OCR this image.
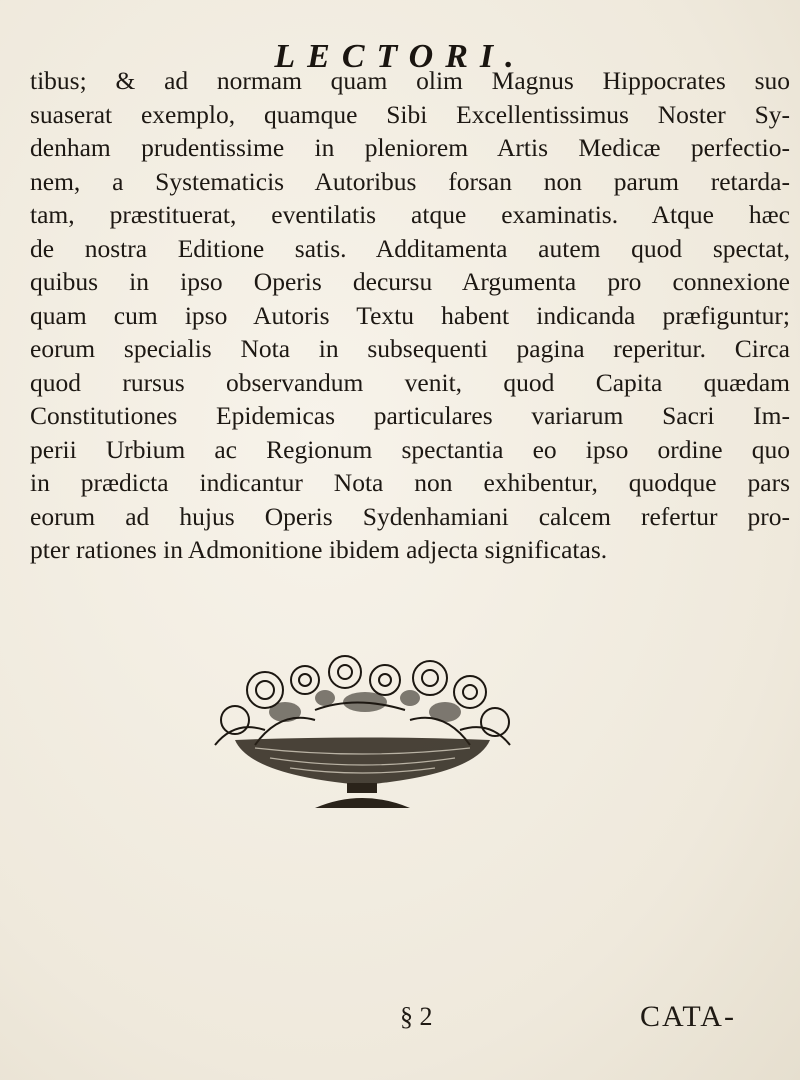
LECTORI.
tibus; & ad normam quam olim Magnus Hippocrates suo
suaserat exemplo, quamque Sibi Excellentissimus Noster Sy-
denham prudentissime in pleniorem Artis Medicæ perfectio-
nem, a Systematicis Autoribus forsan non parum retarda-
tam, præstituerat, eventilatis atque examinatis. Atque hæc
de nostra Editione satis. Additamenta autem quod spectat,
quibus in ipso Operis decursu Argumenta pro connexione
quam cum ipso Autoris Textu habent indicanda præfiguntur;
eorum specialis Nota in subsequenti pagina reperitur. Circa
quod rursus observandum venit, quod Capita quædam
Constitutiones Epidemicas particulares variarum Sacri Im-
perii Urbium ac Regionum spectantia eo ipso ordine quo
in prædicta indicantur Nota non exhibentur, quodque pars
eorum ad hujus Operis Sydenhamiani calcem refertur pro-
pter rationes in Admonitione ibidem adjecta significatas.
§ 2	CATA-
